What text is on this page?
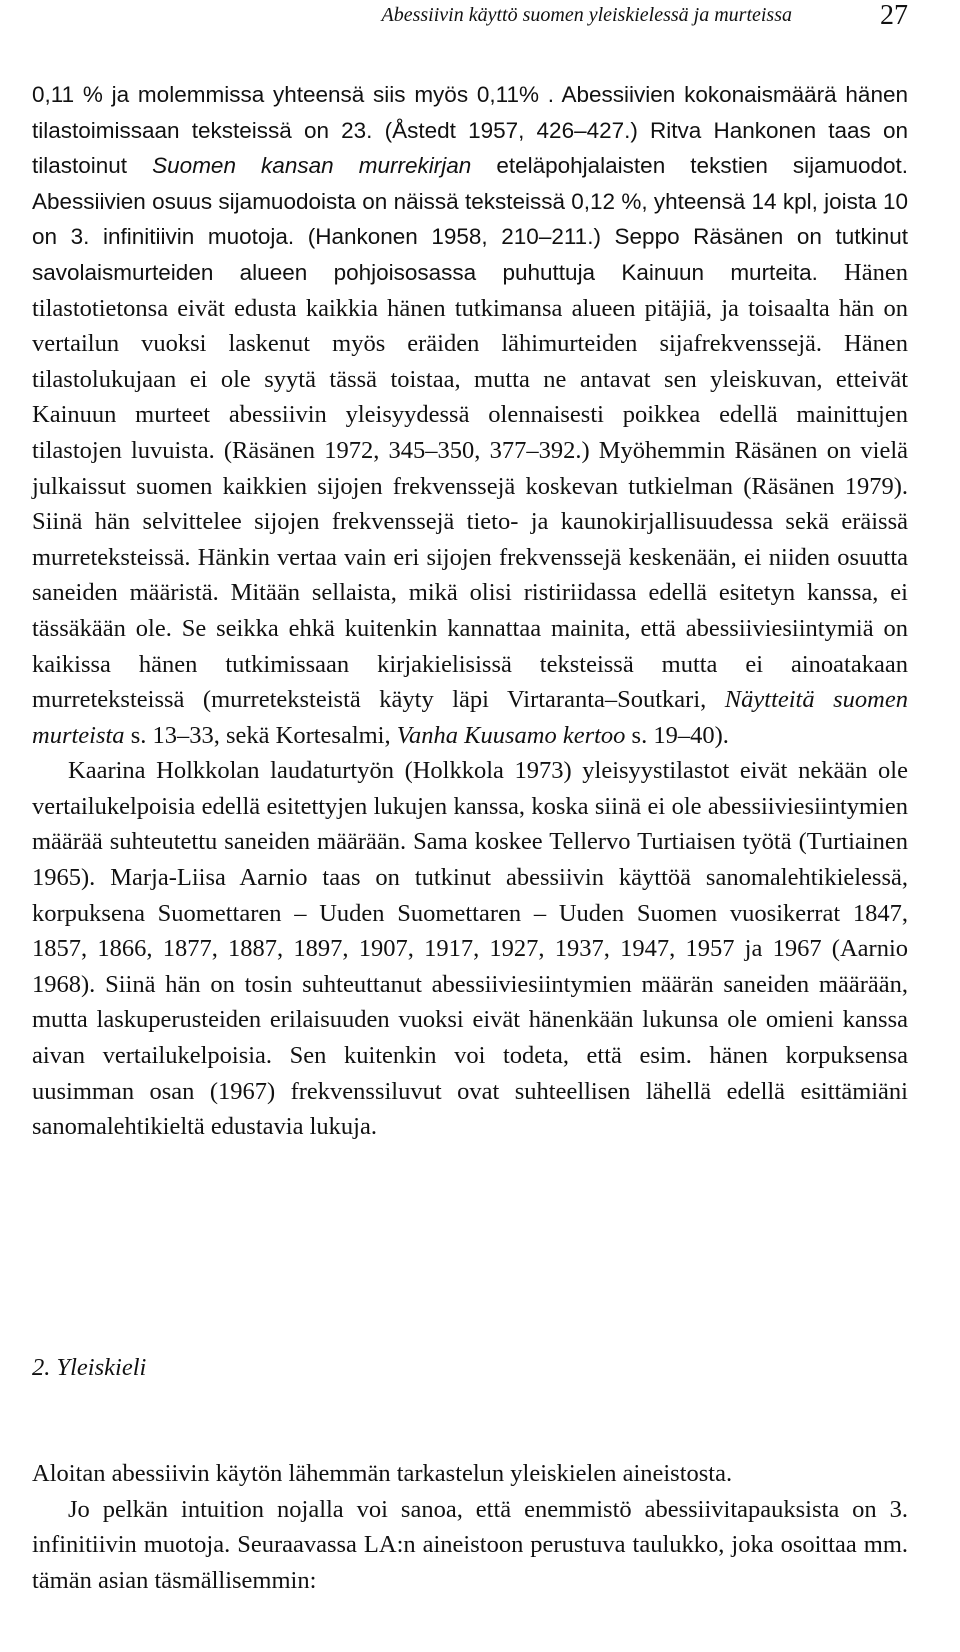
Abessiivin käyttö suomen yleiskielessä ja murteissa	27

0,11 % ja molemmissa yhteensä siis myös 0,11% . Abessiivien kokonaismäärä hänen tilastoimissaan teksteissä on 23. (Åstedt 1957, 426–427.) Ritva Hankonen taas on tilastoinut Suomen kansan murrekirjan eteläpohjalaisten tekstien sijamuodot. Abessiivien osuus sijamuodoista on näissä teksteissä 0,12 %, yhteensä 14 kpl, joista 10 on 3. infinitiivin muotoja. (Hankonen 1958, 210–211.) Seppo Räsänen on tutkinut savolaismurteiden alueen pohjoisosassa puhuttuja Kainuun murteita. Hänen tilastotietonsa eivät edusta kaikkia hänen tutkimansa alueen pitäjiä, ja toisaalta hän on vertailun vuoksi laskenut myös eräiden lähimurteiden sijafrekvenssejä. Hänen tilastolukujaan ei ole syytä tässä toistaa, mutta ne antavat sen yleiskuvan, etteivät Kainuun murteet abessiivin yleisyydessä olennaisesti poikkea edellä mainittujen tilastojen luvuista. (Räsänen 1972, 345–350, 377–392.) Myöhemmin Räsänen on vielä julkaissut suomen kaikkien sijojen frekvenssejä koskevan tutkielman (Räsänen 1979). Siinä hän selvittelee sijojen frekvenssejä tieto- ja kaunokirjallisuudessa sekä eräissä murreteksteissä. Hänkin vertaa vain eri sijojen frekvenssejä keskenään, ei niiden osuutta saneiden määristä. Mitään sellaista, mikä olisi ristiriidassa edellä esitetyn kanssa, ei tässäkään ole. Se seikka ehkä kuitenkin kannattaa mainita, että abessiiviesiintymiä on kaikissa hänen tutkimissaan kirjakielisissä teksteissä mutta ei ainoatakaan murreteksteissä (murreteksteistä käyty läpi Virtaranta–Soutkari, Näytteitä suomen murteista s. 13–33, sekä Kortesalmi, Vanha Kuusamo kertoo s. 19–40).

Kaarina Holkkolan laudaturtyön (Holkkola 1973) yleisyystilastot eivät nekään ole vertailukelpoisia edellä esitettyjen lukujen kanssa, koska siinä ei ole abessiiviesiintymien määrää suhteutettu saneiden määrään. Sama koskee Tellervo Turtiaisen työtä (Turtiainen 1965). Marja-Liisa Aarnio taas on tutkinut abessiivin käyttöä sanomalehtikielessä, korpuksena Suomettaren – Uuden Suomettaren – Uuden Suomen vuosikerrat 1847, 1857, 1866, 1877, 1887, 1897, 1907, 1917, 1927, 1937, 1947, 1957 ja 1967 (Aarnio 1968). Siinä hän on tosin suhteuttanut abessiiviesiintymien määrän saneiden määrään, mutta laskuperusteiden erilaisuuden vuoksi eivät hänenkään lukunsa ole omieni kanssa aivan vertailukelpoisia. Sen kuitenkin voi todeta, että esim. hänen korpuksensa uusimman osan (1967) frekvenssiluvut ovat suhteellisen lähellä edellä esittämiäni sanomalehtikieltä edustavia lukuja.

2. Yleiskieli

Aloitan abessiivin käytön lähemmän tarkastelun yleiskielen aineistosta.

Jo pelkän intuition nojalla voi sanoa, että enemmistö abessiivitapauksista on 3. infinitiivin muotoja. Seuraavassa LA:n aineistoon perustuva taulukko, joka osoittaa mm. tämän asian täsmällisemmin:
